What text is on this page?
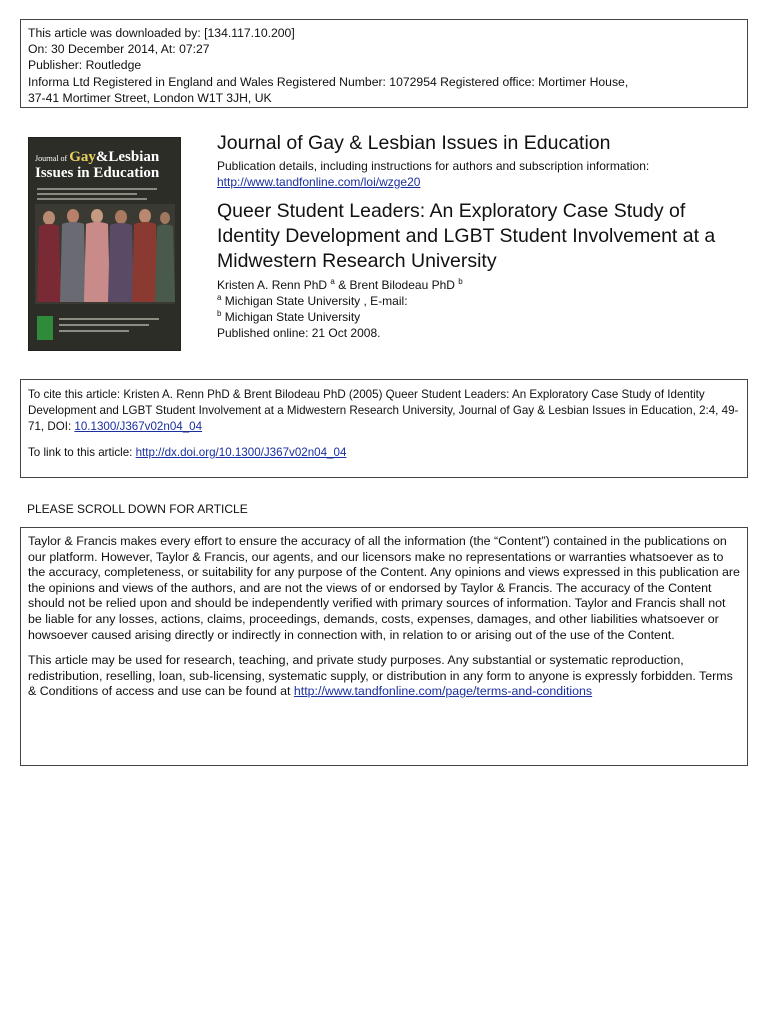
This article was downloaded by: [134.117.10.200]
On: 30 December 2014, At: 07:27
Publisher: Routledge
Informa Ltd Registered in England and Wales Registered Number: 1072954 Registered office: Mortimer House,
37-41 Mortimer Street, London W1T 3JH, UK
Journal of Gay&Lesbian
Issues in Education
Journal of Gay & Lesbian Issues in Education
Publication details, including instructions for authors and subscription information:
http://www.tandfonline.com/loi/wzge20
Queer Student Leaders: An Exploratory Case Study of Identity Development and LGBT Student Involvement at a Midwestern Research University
Kristen A. Renn PhD $^a$ & Brent Bilodeau PhD $^b$
$^a$ Michigan State University , E-mail:
$^b$ Michigan State University
Published online: 21 Oct 2008.
To cite this article: Kristen A. Renn PhD & Brent Bilodeau PhD (2005) Queer Student Leaders: An Exploratory Case Study of Identity Development and LGBT Student Involvement at a Midwestern Research University, Journal of Gay & Lesbian Issues in Education, 2:4, 49-71, DOI: 10.1300/J367v02n04_04
To link to this article: http://dx.doi.org/10.1300/J367v02n04_04
PLEASE SCROLL DOWN FOR ARTICLE

Taylor & Francis makes every effort to ensure the accuracy of all the information (the “Content”) contained in the publications on our platform. However, Taylor & Francis, our agents, and our licensors make no representations or warranties whatsoever as to the accuracy, completeness, or suitability for any purpose of the Content. Any opinions and views expressed in this publication are the opinions and views of the authors, and are not the views of or endorsed by Taylor & Francis. The accuracy of the Content should not be relied upon and should be independently verified with primary sources of information. Taylor and Francis shall not be liable for any losses, actions, claims, proceedings, demands, costs, expenses, damages, and other liabilities whatsoever or howsoever caused arising directly or indirectly in connection with, in relation to or arising out of the use of the Content.

This article may be used for research, teaching, and private study purposes. Any substantial or systematic reproduction, redistribution, reselling, loan, sub-licensing, systematic supply, or distribution in any form to anyone is expressly forbidden. Terms & Conditions of access and use can be found at http://www.tandfonline.com/page/terms-and-conditions
